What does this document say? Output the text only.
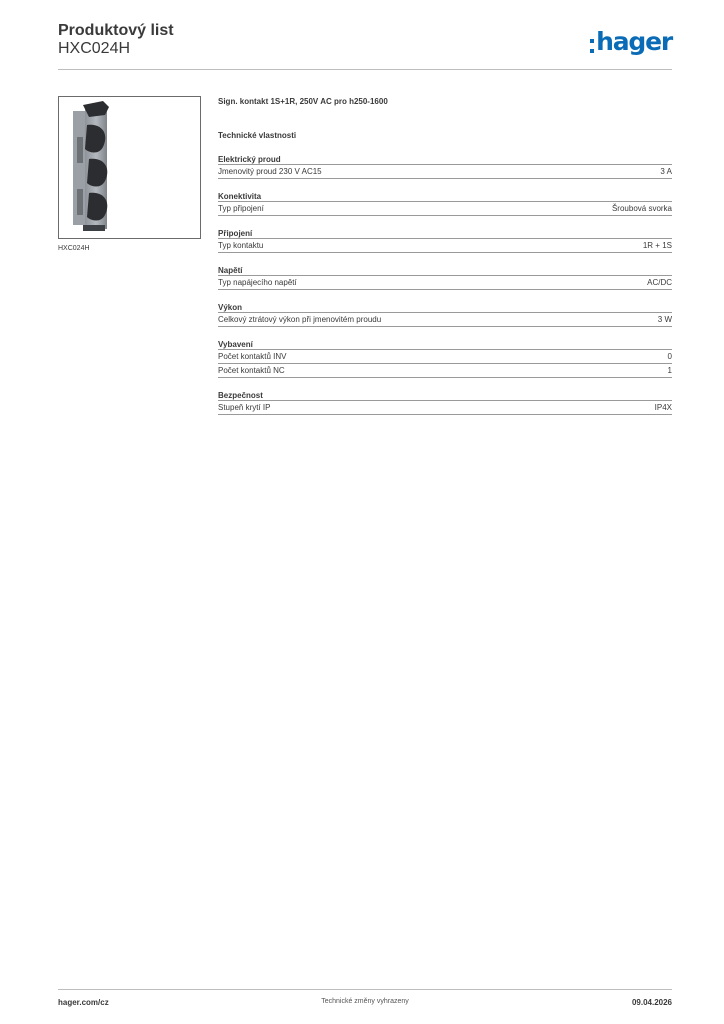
Produktový list
HXC024H	hager
HXC024H
Sign. kontakt 1S+1R, 250V AC pro h250-1600
Technické vlastnosti
Elektrický proud
Jmenovitý proud 230 V AC15	3 A
Konektivita
Typ připojení	Šroubová svorka
Připojení
Typ kontaktu	1R + 1S
Napětí
Typ napájecího napětí	AC/DC
Výkon
Celkový ztrátový výkon při jmenovitém proudu	3 W
Vybavení
Počet kontaktů INV	0
Počet kontaktů NC	1
Bezpečnost
Stupeň krytí IP	IP4X
hager.com/cz	Technické změny vyhrazeny	09.04.2026
